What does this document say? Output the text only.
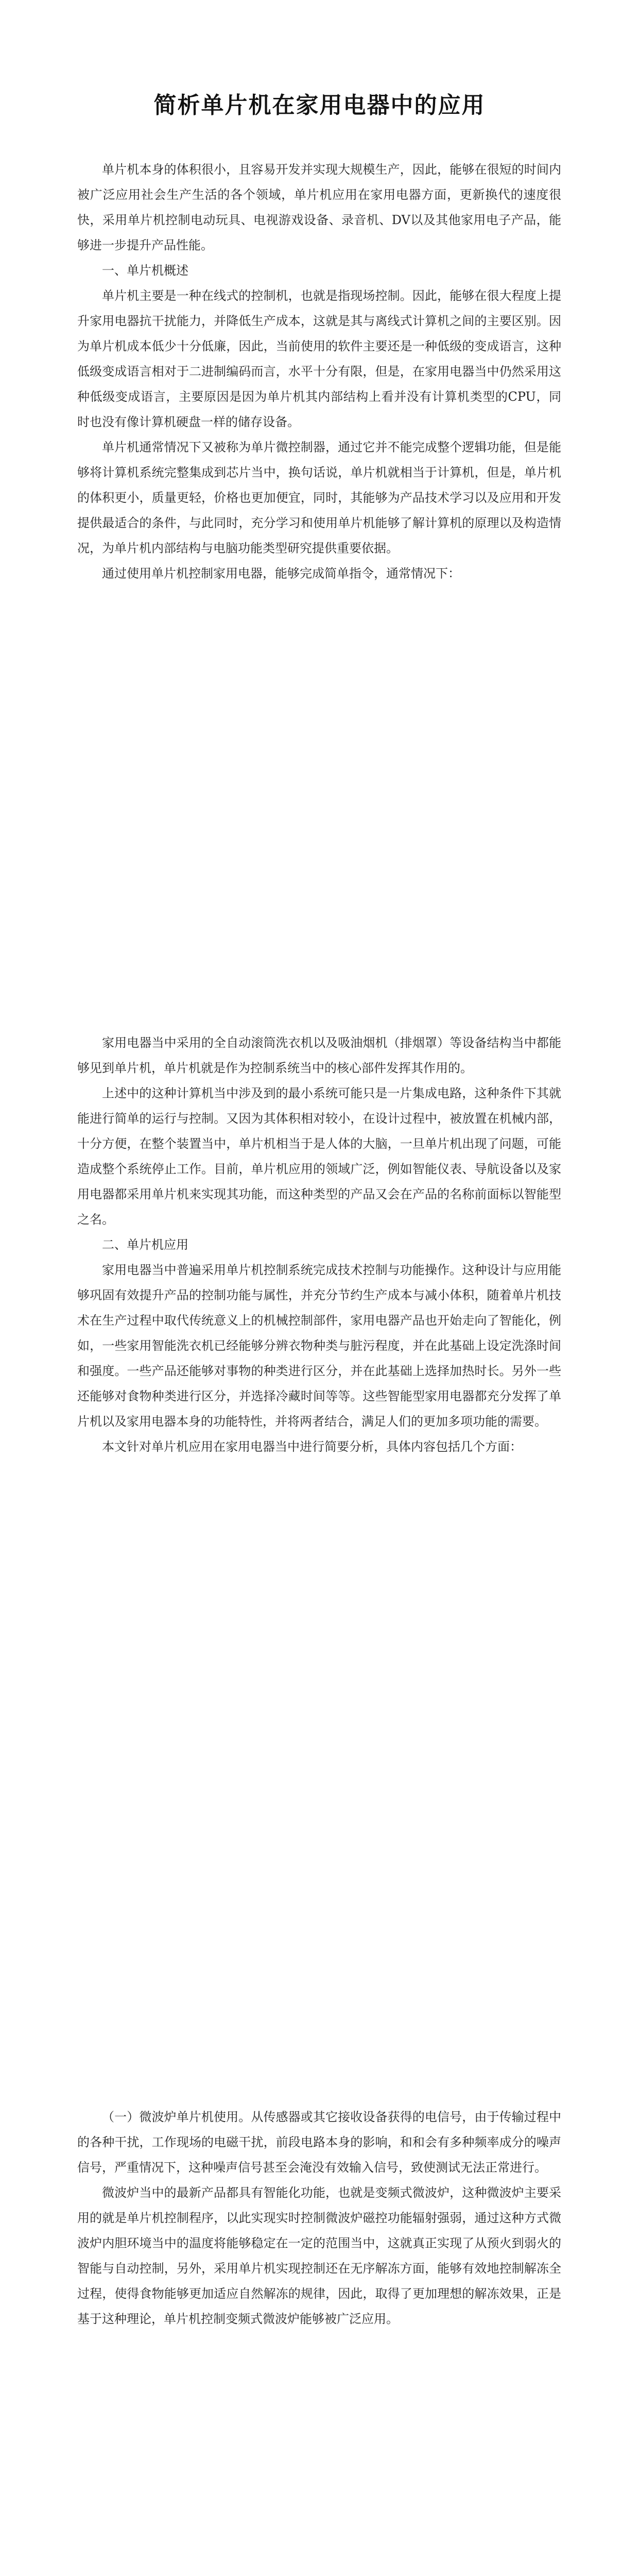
简析单片机在家用电器中的应用

单片机本身的体积很小，且容易开发并实现大规模生产，因此，能够在很短的时间内被广泛应用社会生产生活的各个领域，单片机应用在家用电器方面，更新换代的速度很快，采用单片机控制电动玩具、电视游戏设备、录音机、DV以及其他家用电子产品，能够进一步提升产品性能。

一、单片机概述

单片机主要是一种在线式的控制机，也就是指现场控制。因此，能够在很大程度上提升家用电器抗干扰能力，并降低生产成本，这就是其与离线式计算机之间的主要区别。因为单片机成本低少十分低廉，因此，当前使用的软件主要还是一种低级的变成语言，这种低级变成语言相对于二进制编码而言，水平十分有限，但是，在家用电器当中仍然采用这种低级变成语言，主要原因是因为单片机其内部结构上看并没有计算机类型的CPU，同时也没有像计算机硬盘一样的储存设备。

单片机通常情况下又被称为单片微控制器，通过它并不能完成整个逻辑功能，但是能够将计算机系统完整集成到芯片当中，换句话说，单片机就相当于计算机，但是，单片机的体积更小，质量更轻，价格也更加便宜，同时，其能够为产品技术学习以及应用和开发提供最适合的条件，与此同时，充分学习和使用单片机能够了解计算机的原理以及构造情况，为单片机内部结构与电脑功能类型研究提供重要依据。

通过使用单片机控制家用电器，能够完成简单指令，通常情况下：

家用电器当中采用的全自动滚筒洗衣机以及吸油烟机（排烟罩）等设备结构当中都能够见到单片机，单片机就是作为控制系统当中的核心部件发挥其作用的。

上述中的这种计算机当中涉及到的最小系统可能只是一片集成电路，这种条件下其就能进行简单的运行与控制。又因为其体积相对较小，在设计过程中，被放置在机械内部，十分方便，在整个装置当中，单片机相当于是人体的大脑，一旦单片机出现了问题，可能造成整个系统停止工作。目前，单片机应用的领域广泛，例如智能仪表、导航设备以及家用电器都采用单片机来实现其功能，而这种类型的产品又会在产品的名称前面标以智能型之名。

二、单片机应用

家用电器当中普遍采用单片机控制系统完成技术控制与功能操作。这种设计与应用能够巩固有效提升产品的控制功能与属性，并充分节约生产成本与减小体积，随着单片机技术在生产过程中取代传统意义上的机械控制部件，家用电器产品也开始走向了智能化，例如，一些家用智能洗衣机已经能够分辨衣物种类与脏污程度，并在此基础上设定洗涤时间和强度。一些产品还能够对事物的种类进行区分，并在此基础上选择加热时长。另外一些还能够对食物种类进行区分，并选择冷藏时间等等。这些智能型家用电器都充分发挥了单片机以及家用电器本身的功能特性，并将两者结合，满足人们的更加多项功能的需要。

本文针对单片机应用在家用电器当中进行简要分析，具体内容包括几个方面：

（一）微波炉单片机使用。从传感器或其它接收设备获得的电信号，由于传输过程中的各种干扰，工作现场的电磁干扰，前段电路本身的影响，和和会有多种频率成分的噪声信号，严重情况下，这种噪声信号甚至会淹没有效输入信号，致使测试无法正常进行。

微波炉当中的最新产品都具有智能化功能，也就是变频式微波炉，这种微波炉主要采用的就是单片机控制程序，以此实现实时控制微波炉磁控功能辐射强弱，通过这种方式微波炉内胆环境当中的温度将能够稳定在一定的范围当中，这就真正实现了从预火到弱火的智能与自动控制，另外，采用单片机实现控制还在无序解冻方面，能够有效地控制解冻全过程，使得食物能够更加适应自然解冻的规律，因此，取得了更加理想的解冻效果，正是基于这种理论，单片机控制变频式微波炉能够被广泛应用。
